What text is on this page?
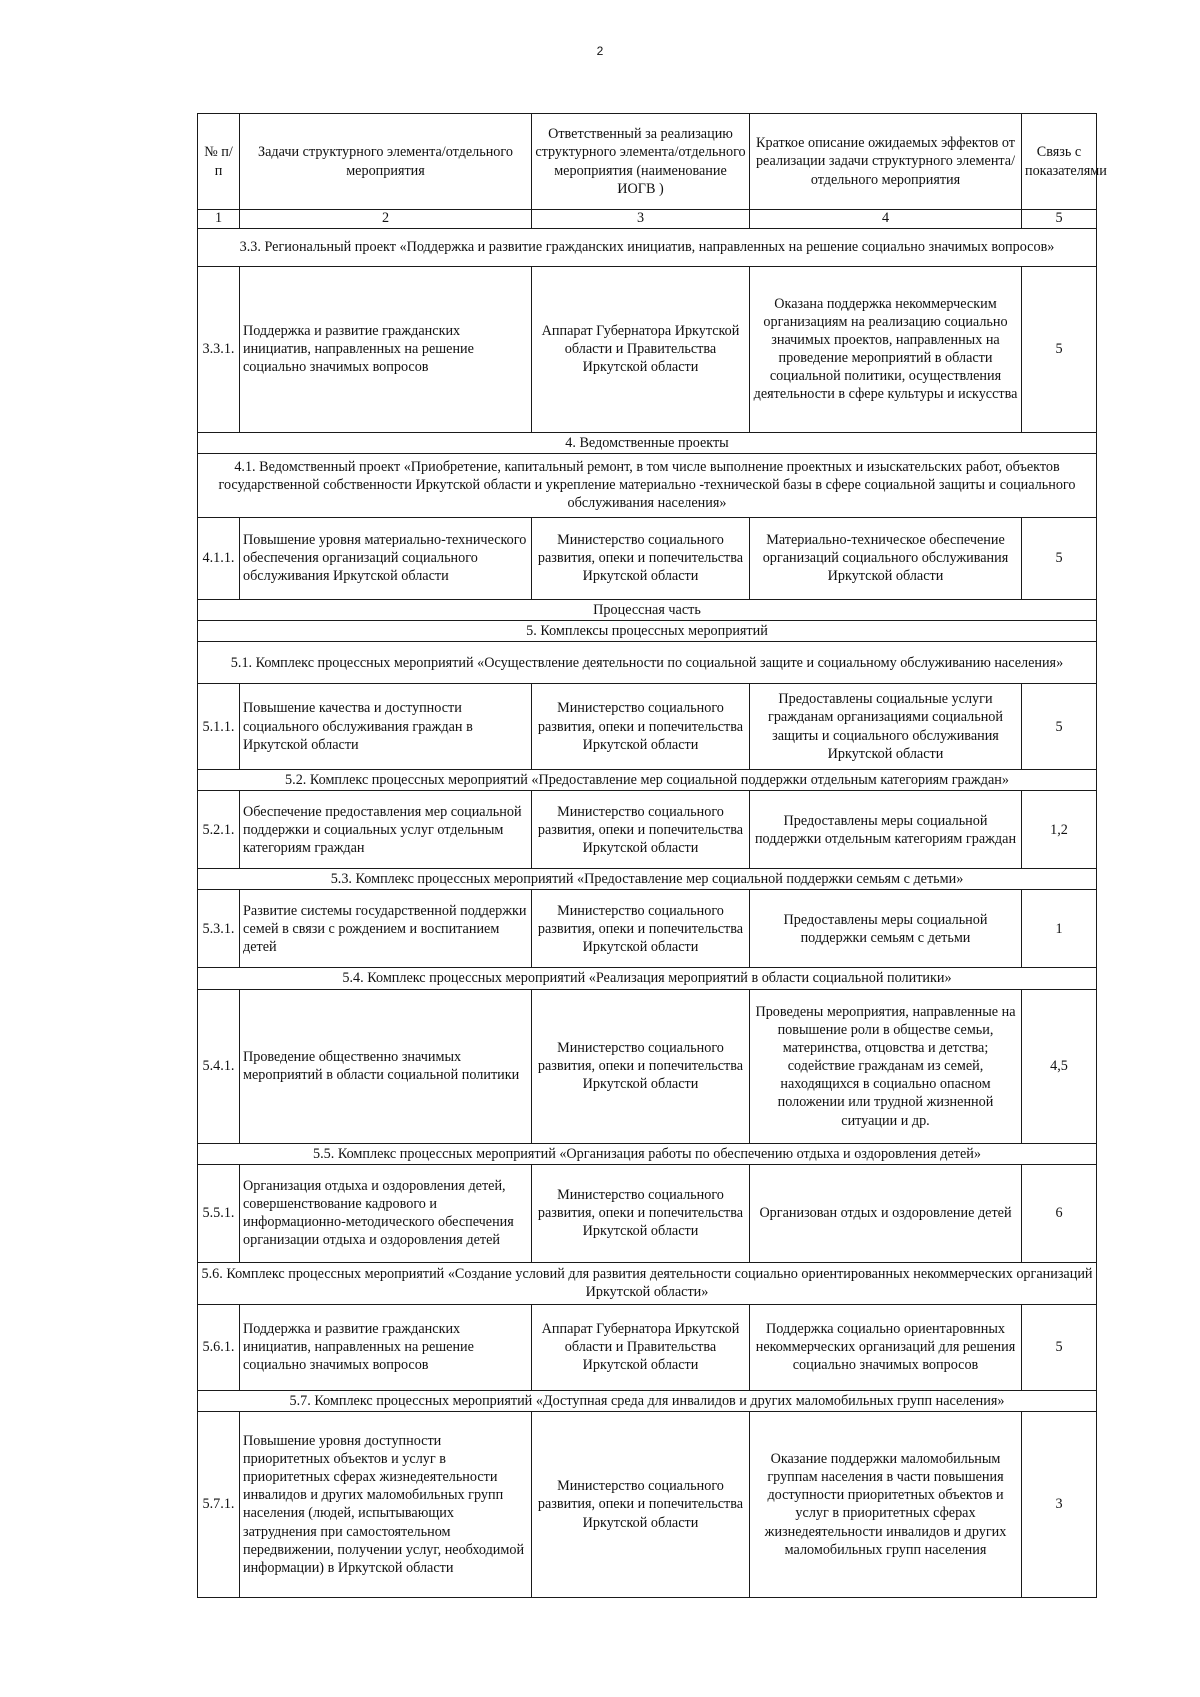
2
№ п/п	Задачи структурного элемента/отдельного мероприятия	Ответственный за реализацию структурного элемента/отдельного мероприятия (наименование ИОГВ )	Краткое описание ожидаемых эффектов от реализации задачи структурного элемента/отдельного мероприятия	Связь с показателями
1	2	3	4	5
3.3. Региональный проект «Поддержка и развитие гражданских инициатив, направленных на решение социально значимых вопросов»				
3.3.1.	Поддержка и развитие гражданских инициатив, направленных на решение социально значимых вопросов	Аппарат Губернатора Иркутской области и Правительства Иркутской области	Оказана поддержка некоммерческим организациям на реализацию социально значимых проектов, направленных на проведение мероприятий в области социальной политики, осуществления деятельности в сфере культуры и искусства	5
4. Ведомственные проекты				
4.1. Ведомственный проект «Приобретение, капитальный ремонт, в том числе выполнение проектных и изыскательских работ, объектов государственной собственности Иркутской области и укрепление материально -технической базы в сфере социальной защиты и социального обслуживания населения»				
4.1.1.	Повышение уровня материально-технического обеспечения организаций социального обслуживания Иркутской области	Министерство социального развития, опеки и попечительства Иркутской области	Материально-техническое обеспечение организаций социального обслуживания Иркутской области	5
Процессная часть				
5. Комплексы процессных мероприятий				
5.1. Комплекс процессных мероприятий «Осуществление деятельности по социальной защите и социальному обслуживанию населения»				
5.1.1.	Повышение качества и доступности социального обслуживания граждан в Иркутской области	Министерство социального развития, опеки и попечительства Иркутской области	Предоставлены социальные услуги гражданам организациями социальной защиты и социального обслуживания Иркутской области	5
5.2. Комплекс процессных мероприятий «Предоставление мер социальной поддержки отдельным категориям граждан»				
5.2.1.	Обеспечение предоставления мер социальной поддержки и социальных услуг отдельным категориям граждан	Министерство социального развития, опеки и попечительства Иркутской области	Предоставлены меры социальной поддержки отдельным категориям граждан	1,2
5.3. Комплекс процессных мероприятий «Предоставление мер социальной поддержки семьям с детьми»				
5.3.1.	Развитие системы государственной поддержки семей в связи с рождением и воспитанием детей	Министерство социального развития, опеки и попечительства Иркутской области	Предоставлены меры социальной поддержки семьям с детьми	1
5.4. Комплекс процессных мероприятий «Реализация мероприятий в области социальной политики»				
5.4.1.	Проведение общественно значимых мероприятий в области социальной политики	Министерство социального развития, опеки и попечительства Иркутской области	Проведены мероприятия, направленные на повышение роли в обществе семьи, материнства, отцовства и детства; содействие гражданам из семей, находящихся в социально опасном положении или трудной жизненной ситуации и др.	4,5
5.5. Комплекс процессных мероприятий «Организация работы по обеспечению отдыха и оздоровления детей»				
5.5.1.	Организация отдыха и оздоровления детей, совершенствование кадрового и информационно-методического обеспечения организации отдыха и оздоровления детей	Министерство социального развития, опеки и попечительства Иркутской области	Организован отдых и оздоровление детей	6
5.6. Комплекс процессных мероприятий «Создание условий для развития деятельности социально ориентированных некоммерческих организаций Иркутской области»				
5.6.1.	Поддержка и развитие гражданских инициатив, направленных на решение социально значимых вопросов	Аппарат Губернатора Иркутской области и Правительства Иркутской области	Поддержка социально ориентаровнных некоммерческих организаций для решения социально значимых вопросов	5
5.7. Комплекс процессных мероприятий «Доступная среда для инвалидов и других маломобильных групп населения»				
5.7.1.	Повышение уровня доступности приоритетных объектов и услуг в приоритетных сферах жизнедеятельности инвалидов и других маломобильных групп населения (людей, испытывающих затруднения при самостоятельном передвижении, получении услуг, необходимой информации) в Иркутской области	Министерство социального развития, опеки и попечительства Иркутской области	Оказание поддержки маломобильным группам населения в части повышения доступности приоритетных объектов и услуг в приоритетных сферах жизнедеятельности инвалидов и других маломобильных групп населения	3
